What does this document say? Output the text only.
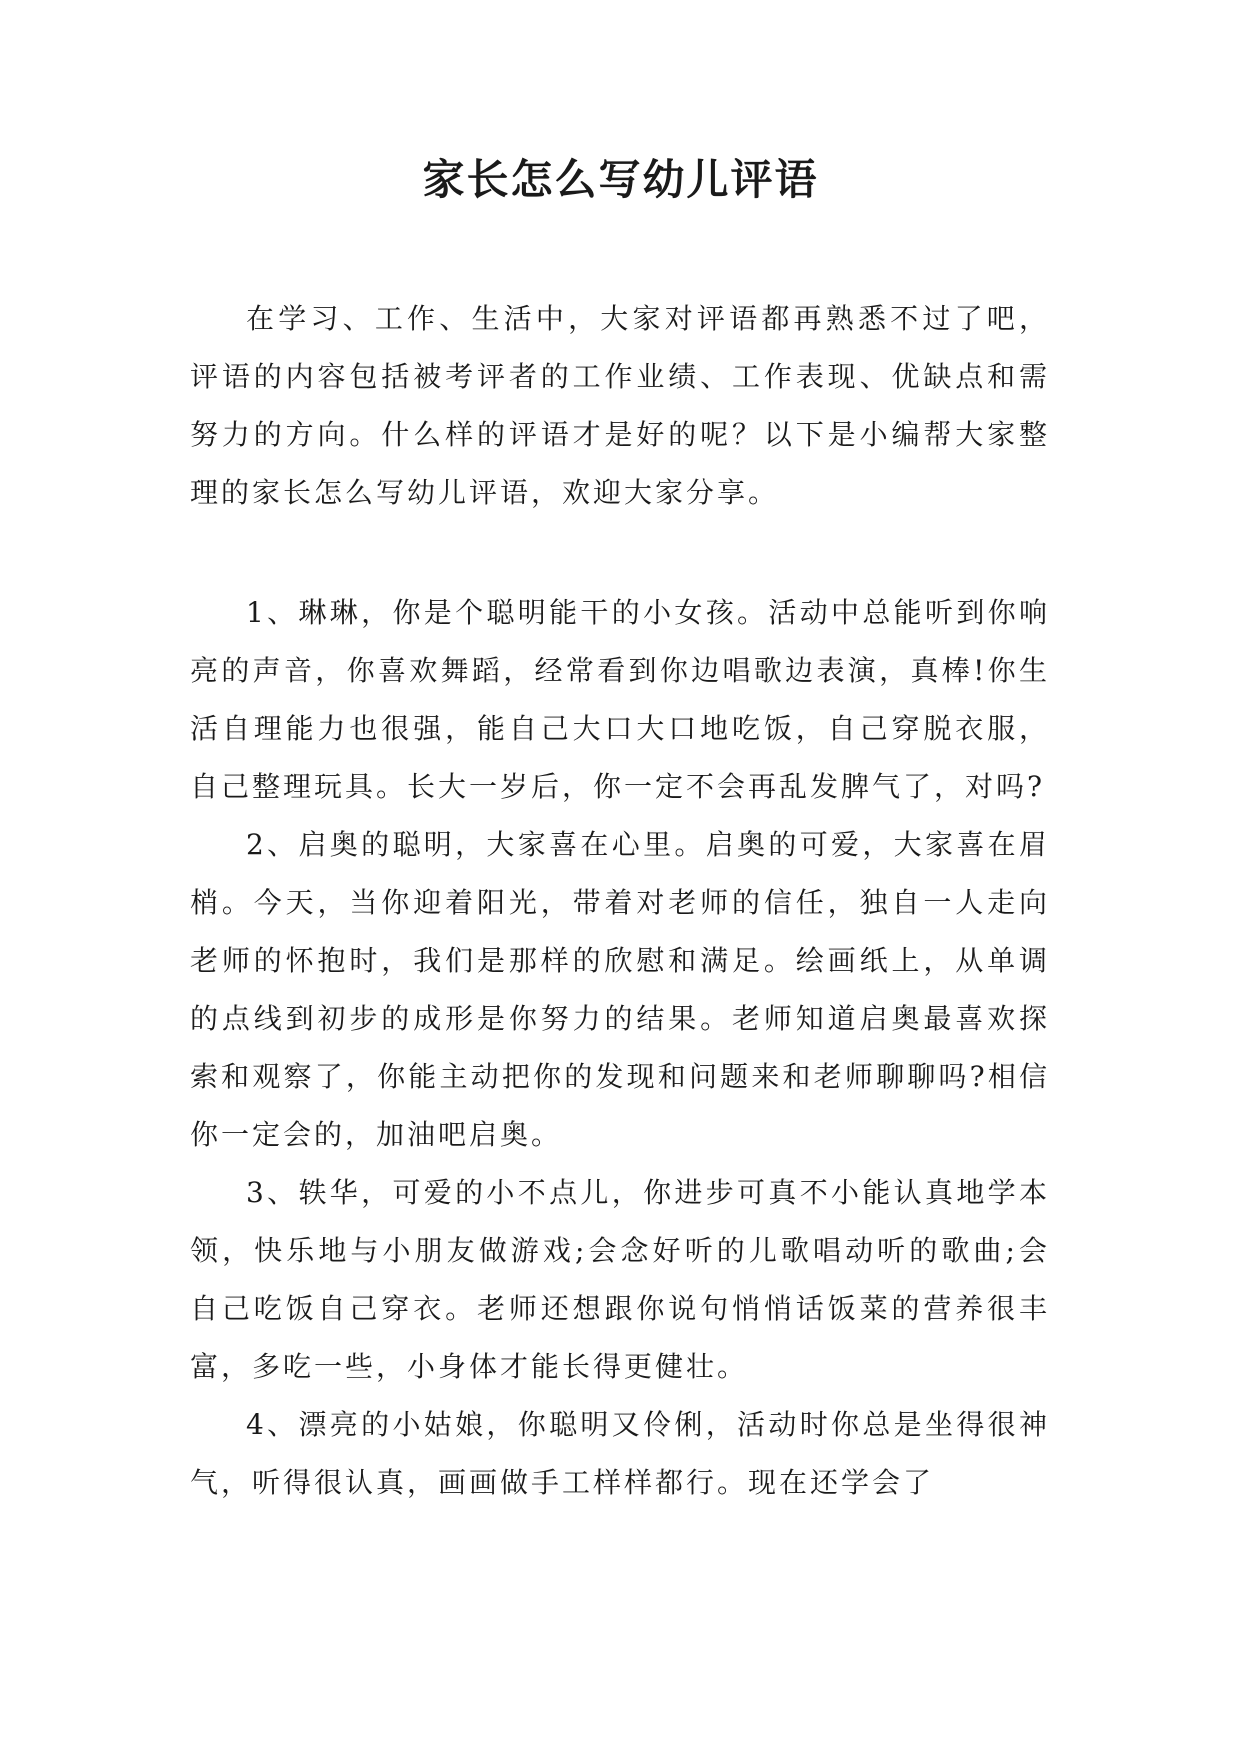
家长怎么写幼儿评语

在学习、工作、生活中，大家对评语都再熟悉不过了吧，评语的内容包括被考评者的工作业绩、工作表现、优缺点和需努力的方向。什么样的评语才是好的呢？以下是小编帮大家整理的家长怎么写幼儿评语，欢迎大家分享。

1、琳琳，你是个聪明能干的小女孩。活动中总能听到你响亮的声音，你喜欢舞蹈，经常看到你边唱歌边表演，真棒!你生活自理能力也很强，能自己大口大口地吃饭，自己穿脱衣服，自己整理玩具。长大一岁后，你一定不会再乱发脾气了，对吗?

2、启奥的聪明，大家喜在心里。启奥的可爱，大家喜在眉梢。今天，当你迎着阳光，带着对老师的信任，独自一人走向老师的怀抱时，我们是那样的欣慰和满足。绘画纸上，从单调的点线到初步的成形是你努力的结果。老师知道启奥最喜欢探索和观察了，你能主动把你的发现和问题来和老师聊聊吗?相信你一定会的，加油吧启奥。

3、轶华，可爱的小不点儿，你进步可真不小能认真地学本领，快乐地与小朋友做游戏;会念好听的儿歌唱动听的歌曲;会自己吃饭自己穿衣。老师还想跟你说句悄悄话饭菜的营养很丰富，多吃一些，小身体才能长得更健壮。

4、漂亮的小姑娘，你聪明又伶俐，活动时你总是坐得很神气，听得很认真，画画做手工样样都行。现在还学会了
